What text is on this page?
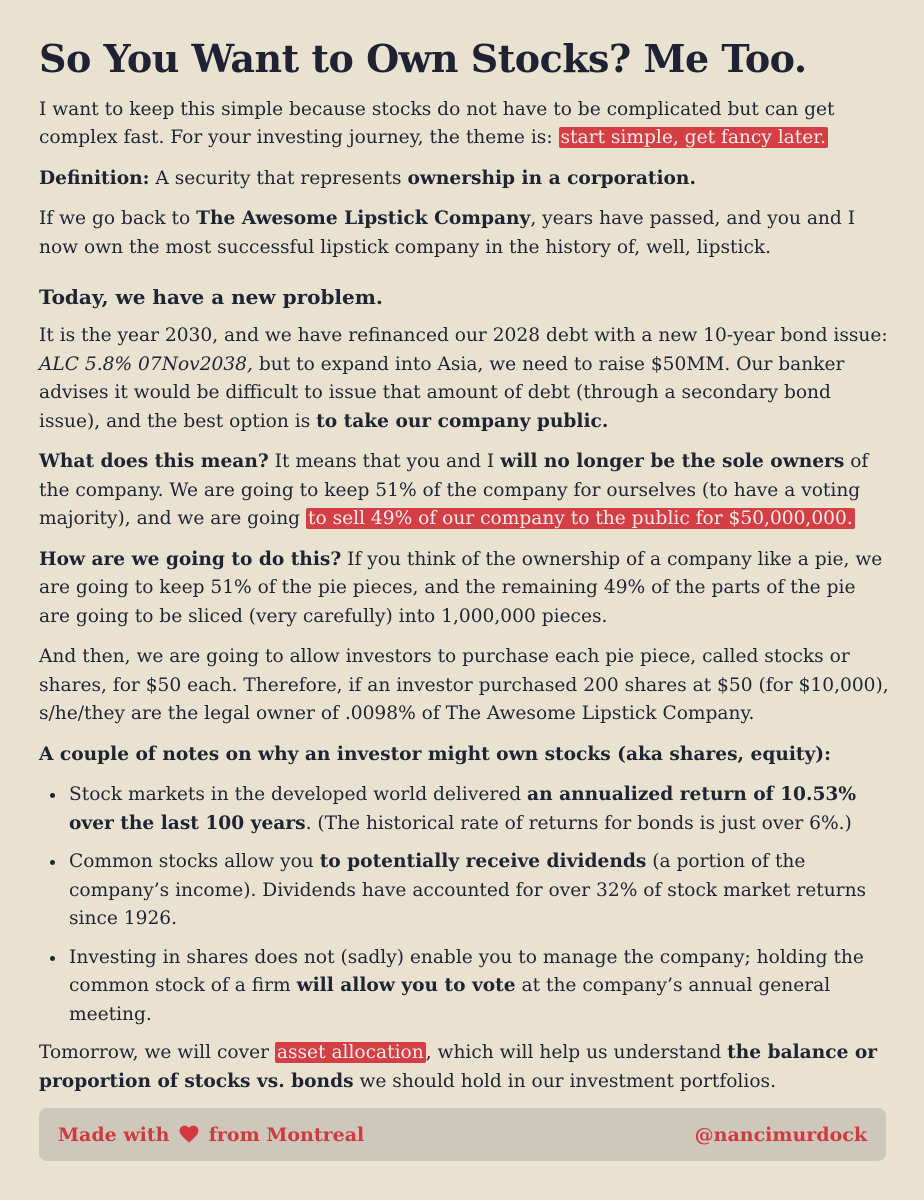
So You Want to Own Stocks? Me Too.

I want to keep this simple because stocks do not have to be complicated but can get complex fast. For your investing journey, the theme is: start simple, get fancy later.

Definition: A security that represents ownership in a corporation.

If we go back to The Awesome Lipstick Company, years have passed, and you and I now own the most successful lipstick company in the history of, well, lipstick.

Today, we have a new problem.

It is the year 2030, and we have refinanced our 2028 debt with a new 10-year bond issue: ALC 5.8% 07Nov2038, but to expand into Asia, we need to raise $50MM. Our banker advises it would be difficult to issue that amount of debt (through a secondary bond issue), and the best option is to take our company public.

What does this mean? It means that you and I will no longer be the sole owners of the company. We are going to keep 51% of the company for ourselves (to have a voting majority), and we are going to sell 49% of our company to the public for $50,000,000.

How are we going to do this? If you think of the ownership of a company like a pie, we are going to keep 51% of the pie pieces, and the remaining 49% of the parts of the pie are going to be sliced (very carefully) into 1,000,000 pieces.

And then, we are going to allow investors to purchase each pie piece, called stocks or shares, for $50 each. Therefore, if an investor purchased 200 shares at $50 (for $10,000), s/he/they are the legal owner of .0098% of The Awesome Lipstick Company.

A couple of notes on why an investor might own stocks (aka shares, equity):

• Stock markets in the developed world delivered an annualized return of 10.53% over the last 100 years. (The historical rate of returns for bonds is just over 6%.)
• Common stocks allow you to potentially receive dividends (a portion of the company’s income). Dividends have accounted for over 32% of stock market returns since 1926.
• Investing in shares does not (sadly) enable you to manage the company; holding the common stock of a firm will allow you to vote at the company’s annual general meeting.

Tomorrow, we will cover asset allocation , which will help us understand the balance or proportion of stocks vs. bonds we should hold in our investment portfolios.

Made with from Montreal	@nancimurdock
